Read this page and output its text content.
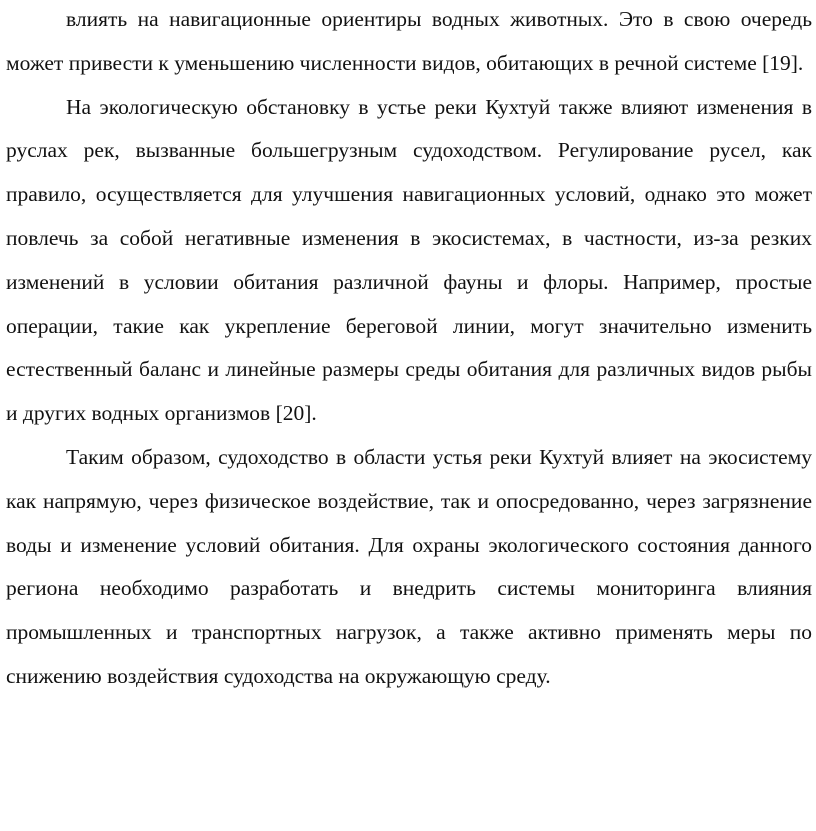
влиять на навигационные ориентиры водных животных. Это в свою очередь может привести к уменьшению численности видов, обитающих в речной системе [19].

На экологическую обстановку в устье реки Кухтуй также влияют изменения в руслах рек, вызванные большегрузным судоходством. Регулирование русел, как правило, осуществляется для улучшения навигационных условий, однако это может повлечь за собой негативные изменения в экосистемах, в частности, из-за резких изменений в условии обитания различной фауны и флоры. Например, простые операции, такие как укрепление береговой линии, могут значительно изменить естественный баланс и линейные размеры среды обитания для различных видов рыбы и других водных организмов [20].

Таким образом, судоходство в области устья реки Кухтуй влияет на экосистему как напрямую, через физическое воздействие, так и опосредованно, через загрязнение воды и изменение условий обитания. Для охраны экологического состояния данного региона необходимо разработать и внедрить системы мониторинга влияния промышленных и транспортных нагрузок, а также активно применять меры по снижению воздействия судоходства на окружающую среду.
